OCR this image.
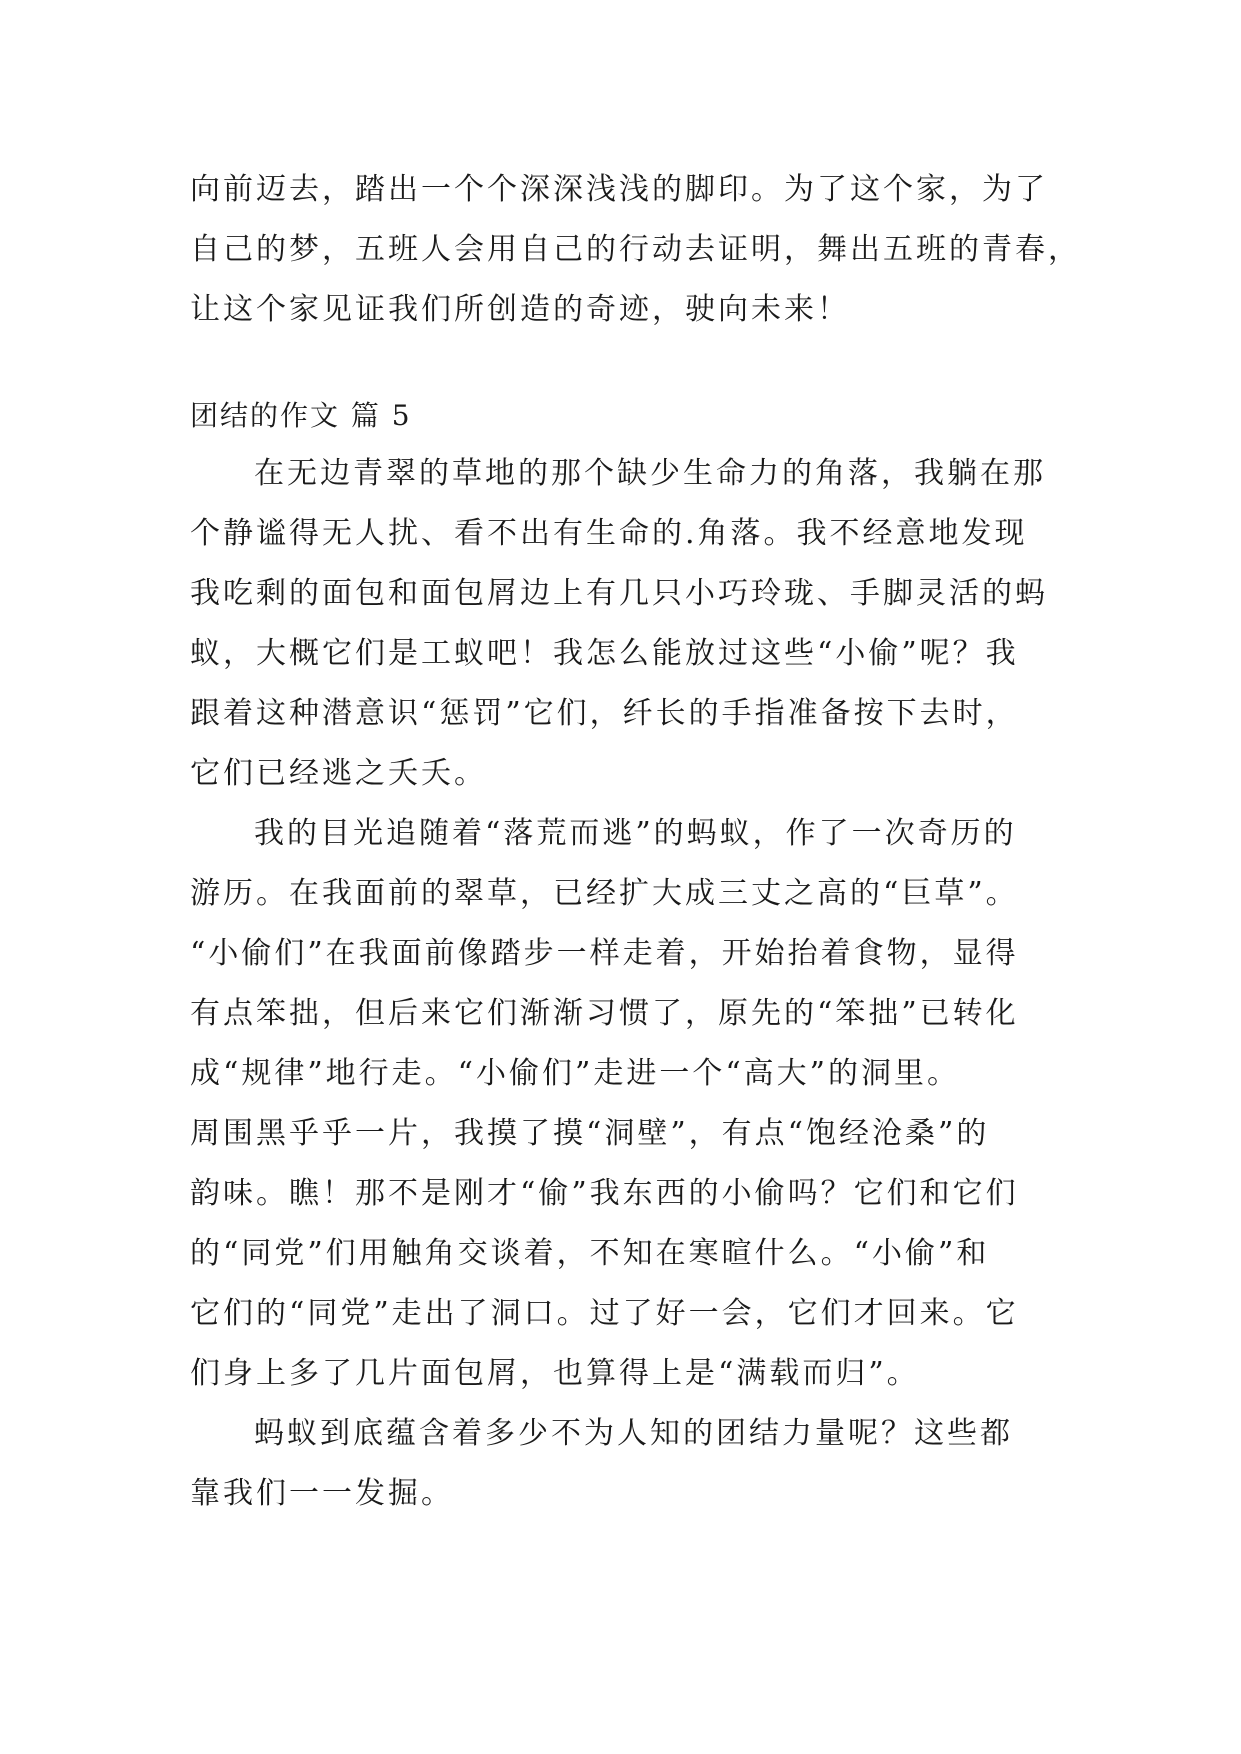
向前迈去，踏出一个个深深浅浅的脚印。为了这个家，为了
自己的梦，五班人会用自己的行动去证明，舞出五班的青春，
让这个家见证我们所创造的奇迹，驶向未来！
团结的作文 篇 5
在无边青翠的草地的那个缺少生命力的角落，我躺在那
个静谧得无人扰、看不出有生命的.角落。我不经意地发现
我吃剩的面包和面包屑边上有几只小巧玲珑、手脚灵活的蚂
蚁，大概它们是工蚁吧！我怎么能放过这些“小偷”呢？我
跟着这种潜意识“惩罚”它们，纤长的手指准备按下去时，
它们已经逃之夭夭。
我的目光追随着“落荒而逃”的蚂蚁，作了一次奇历的
游历。在我面前的翠草，已经扩大成三丈之高的“巨草”。
“小偷们”在我面前像踏步一样走着，开始抬着食物，显得
有点笨拙，但后来它们渐渐习惯了，原先的“笨拙”已转化
成“规律”地行走。“小偷们”走进一个“高大”的洞里。
周围黑乎乎一片，我摸了摸“洞壁”，有点“饱经沧桑”的
韵味。瞧！那不是刚才“偷”我东西的小偷吗？它们和它们
的“同党”们用触角交谈着，不知在寒暄什么。“小偷”和
它们的“同党”走出了洞口。过了好一会，它们才回来。它
们身上多了几片面包屑，也算得上是“满载而归”。
蚂蚁到底蕴含着多少不为人知的团结力量呢？这些都
靠我们一一发掘。
